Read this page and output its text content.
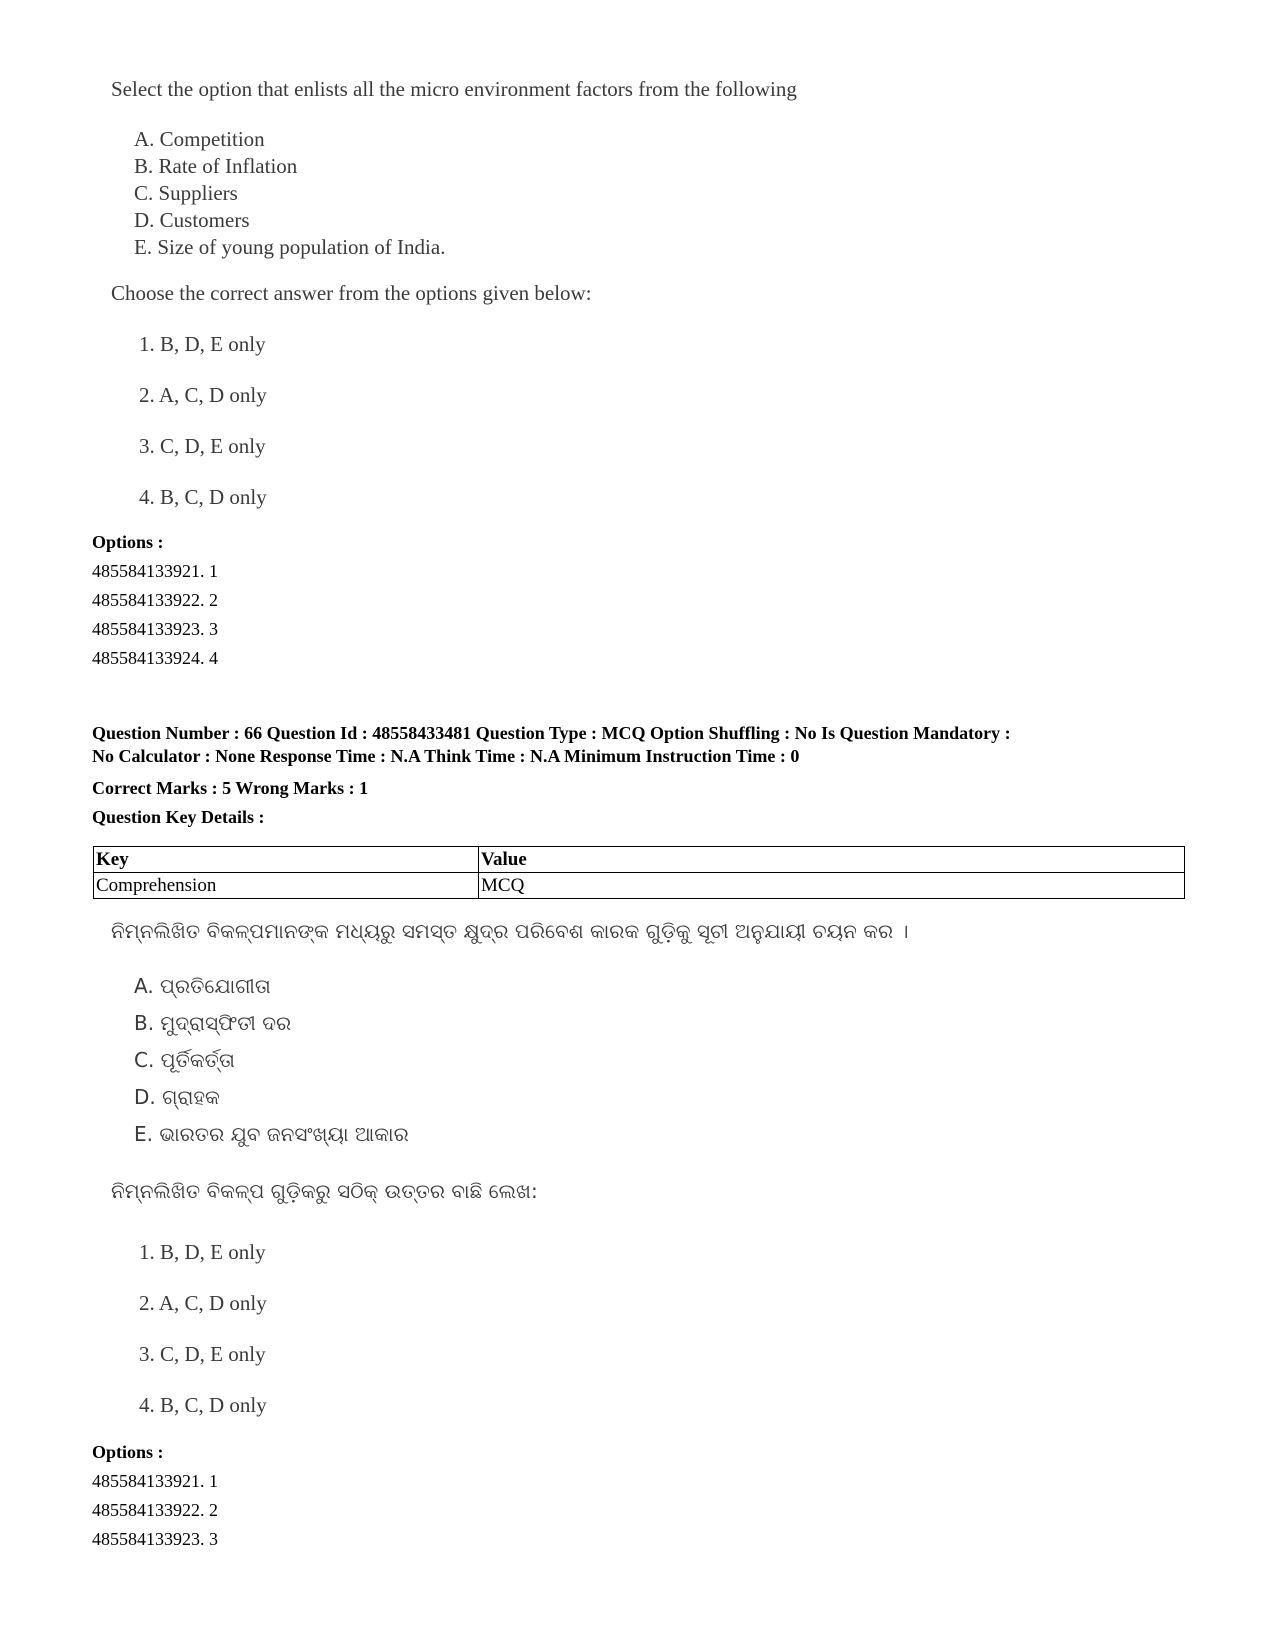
Select the option that enlists all the micro environment factors from the following
A. Competition
B. Rate of Inflation
C. Suppliers
D. Customers
E. Size of young population of India.
Choose the correct answer from the options given below:
1. B, D, E only
2. A, C, D only
3. C, D, E only
4. B, C, D only
Options :
485584133921. 1
485584133922. 2
485584133923. 3
485584133924. 4
Question Number : 66 Question Id : 48558433481 Question Type : MCQ Option Shuffling : No Is Question Mandatory :
No Calculator : None Response Time : N.A Think Time : N.A Minimum Instruction Time : 0
Correct Marks : 5 Wrong Marks : 1
Question Key Details :
Key	Value
Comprehension	MCQ
ନିମ୍ନଲିଖିତ ବିକଳ୍ପମାନଙ୍କ ମଧ୍ୟରୁ ସମସ୍ତ କ୍ଷୁଦ୍ର ପରିବେଶ କାରକ ଗୁଡ଼ିକୁ ସୂଚୀ ଅନୁଯାୟୀ ଚୟନ କର ।
A. ପ୍ରତିଯୋଗୀତା
B. ମୁଦ୍ରାସ୍ଫିତୀ ଦର
C. ପୂର୍ତିକର୍ତ୍ତା
D. ଗ୍ରାହକ
E. ଭାରତର ଯୁବ ଜନସଂଖ୍ୟା ଆକାର
ନିମ୍ନଲିଖିତ ବିକଳ୍ପ ଗୁଡ଼ିକରୁ ସଠିକ୍ ଉତ୍ତର ବାଛି ଲେଖ:
1. B, D, E only
2. A, C, D only
3. C, D, E only
4. B, C, D only
Options :
485584133921. 1
485584133922. 2
485584133923. 3
